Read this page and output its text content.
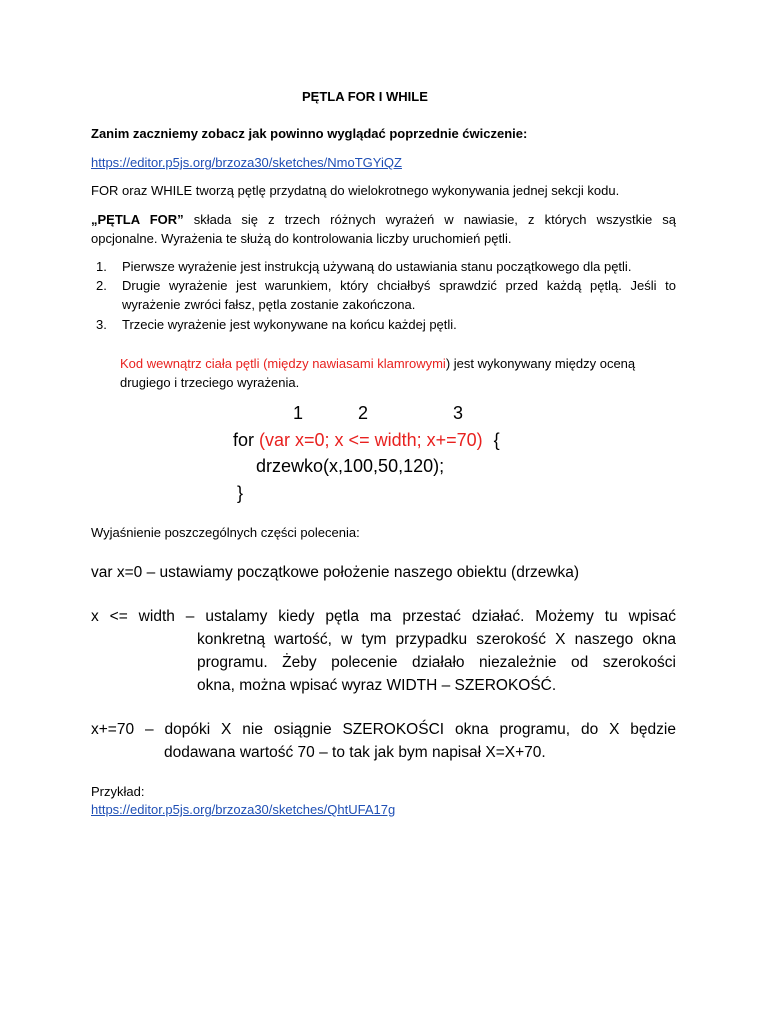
PĘTLA FOR I WHILE
Zanim zaczniemy zobacz jak powinno wyglądać poprzednie ćwiczenie:
https://editor.p5js.org/brzoza30/sketches/NmoTGYiQZ
FOR oraz WHILE tworzą pętlę przydatną do wielokrotnego wykonywania jednej sekcji kodu.
„PĘTLA FOR” składa się z trzech różnych wyrażeń w nawiasie, z których wszystkie są
opcjonalne. Wyrażenia te służą do kontrolowania liczby uruchomień pętli.
1. Pierwsze wyrażenie jest instrukcją używaną do ustawiania stanu początkowego dla pętli.
2. Drugie wyrażenie jest warunkiem, który chciałbyś sprawdzić przed każdą pętlą. Jeśli to
wyrażenie zwróci fałsz, pętla zostanie zakończona.
3. Trzecie wyrażenie jest wykonywane na końcu każdej pętli.
Kod wewnątrz ciała pętli (między nawiasami klamrowymi) jest wykonywany między oceną
drugiego i trzeciego wyrażenia.
1	2	3
for (var x=0; x <= width; x+=70) {
drzewko(x,100,50,120);
}
Wyjaśnienie poszczególnych części polecenia:
var x=0 – ustawiamy początkowe położenie naszego obiektu (drzewka)
x <= width – ustalamy kiedy pętla ma przestać działać. Możemy tu wpisać
konkretną wartość, w tym przypadku szerokość X naszego okna
programu. Żeby polecenie działało niezależnie od szerokości
okna, można wpisać wyraz WIDTH – SZEROKOŚĆ.
x+=70 – dopóki X nie osiągnie SZEROKOŚCI okna programu, do X będzie
dodawana wartość 70 – to tak jak bym napisał X=X+70.
Przykład:
https://editor.p5js.org/brzoza30/sketches/QhtUFA17g
